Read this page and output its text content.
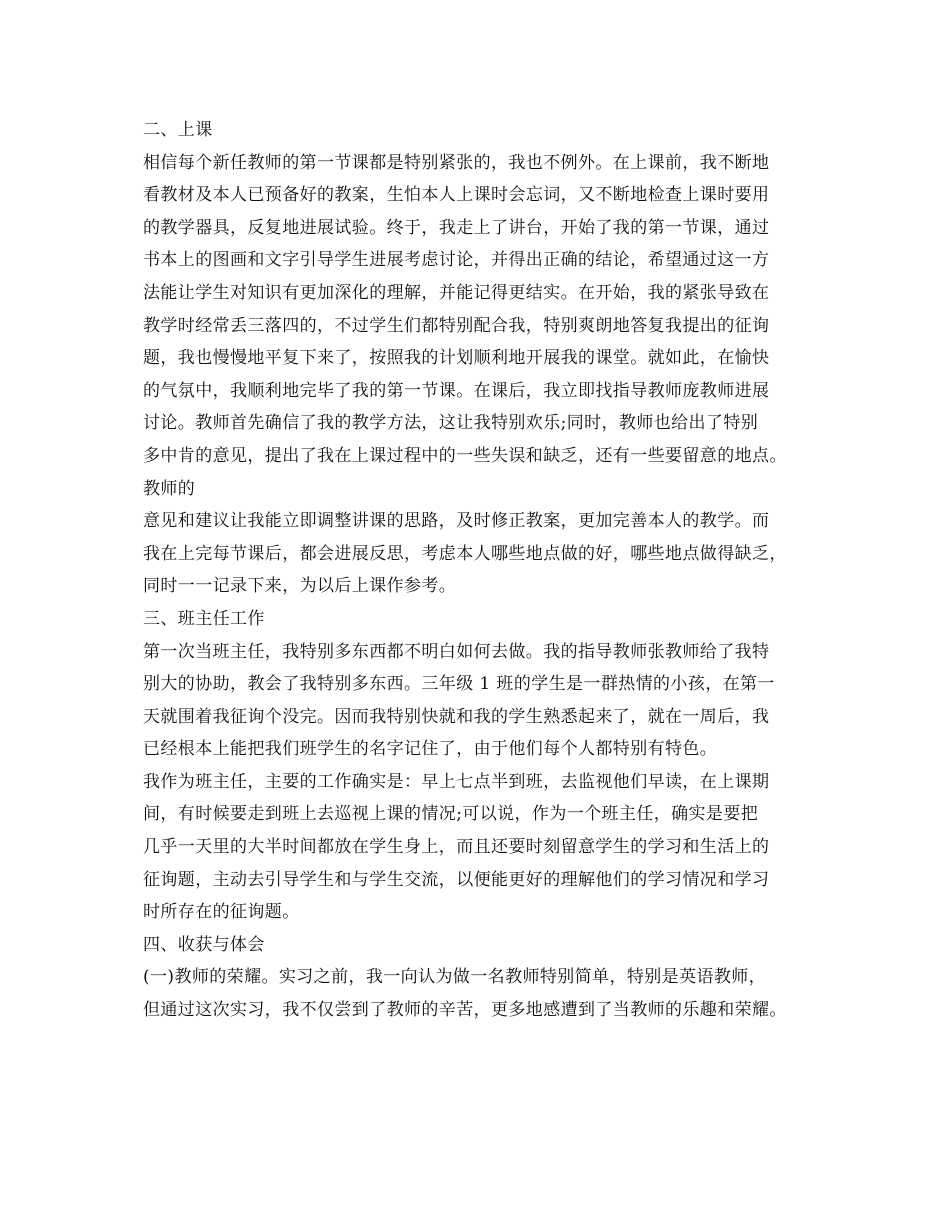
二、上课
相信每个新任教师的第一节课都是特别紧张的，我也不例外。在上课前，我不断地
看教材及本人已预备好的教案，生怕本人上课时会忘词，又不断地检查上课时要用
的教学器具，反复地进展试验。终于，我走上了讲台，开始了我的第一节课，通过
书本上的图画和文字引导学生进展考虑讨论，并得出正确的结论，希望通过这一方
法能让学生对知识有更加深化的理解，并能记得更结实。在开始，我的紧张导致在
教学时经常丢三落四的，不过学生们都特别配合我，特别爽朗地答复我提出的征询
题，我也慢慢地平复下来了，按照我的计划顺利地开展我的课堂。就如此，在愉快
的气氛中，我顺利地完毕了我的第一节课。在课后，我立即找指导教师庞教师进展
讨论。教师首先确信了我的教学方法，这让我特别欢乐;同时，教师也给出了特别
多中肯的意见，提出了我在上课过程中的一些失误和缺乏，还有一些要留意的地点。
教师的
意见和建议让我能立即调整讲课的思路，及时修正教案，更加完善本人的教学。而
我在上完每节课后，都会进展反思，考虑本人哪些地点做的好，哪些地点做得缺乏，
同时一一记录下来，为以后上课作参考。
三、班主任工作
第一次当班主任，我特别多东西都不明白如何去做。我的指导教师张教师给了我特
别大的协助，教会了我特别多东西。三年级 1 班的学生是一群热情的小孩，在第一
天就围着我征询个没完。因而我特别快就和我的学生熟悉起来了，就在一周后，我
已经根本上能把我们班学生的名字记住了，由于他们每个人都特别有特色。
我作为班主任，主要的工作确实是：早上七点半到班，去监视他们早读，在上课期
间，有时候要走到班上去巡视上课的情况;可以说，作为一个班主任，确实是要把
几乎一天里的大半时间都放在学生身上，而且还要时刻留意学生的学习和生活上的
征询题，主动去引导学生和与学生交流，以便能更好的理解他们的学习情况和学习
时所存在的征询题。
四、收获与体会
(一)教师的荣耀。实习之前，我一向认为做一名教师特别简单，特别是英语教师，
但通过这次实习，我不仅尝到了教师的辛苦，更多地感遭到了当教师的乐趣和荣耀。
